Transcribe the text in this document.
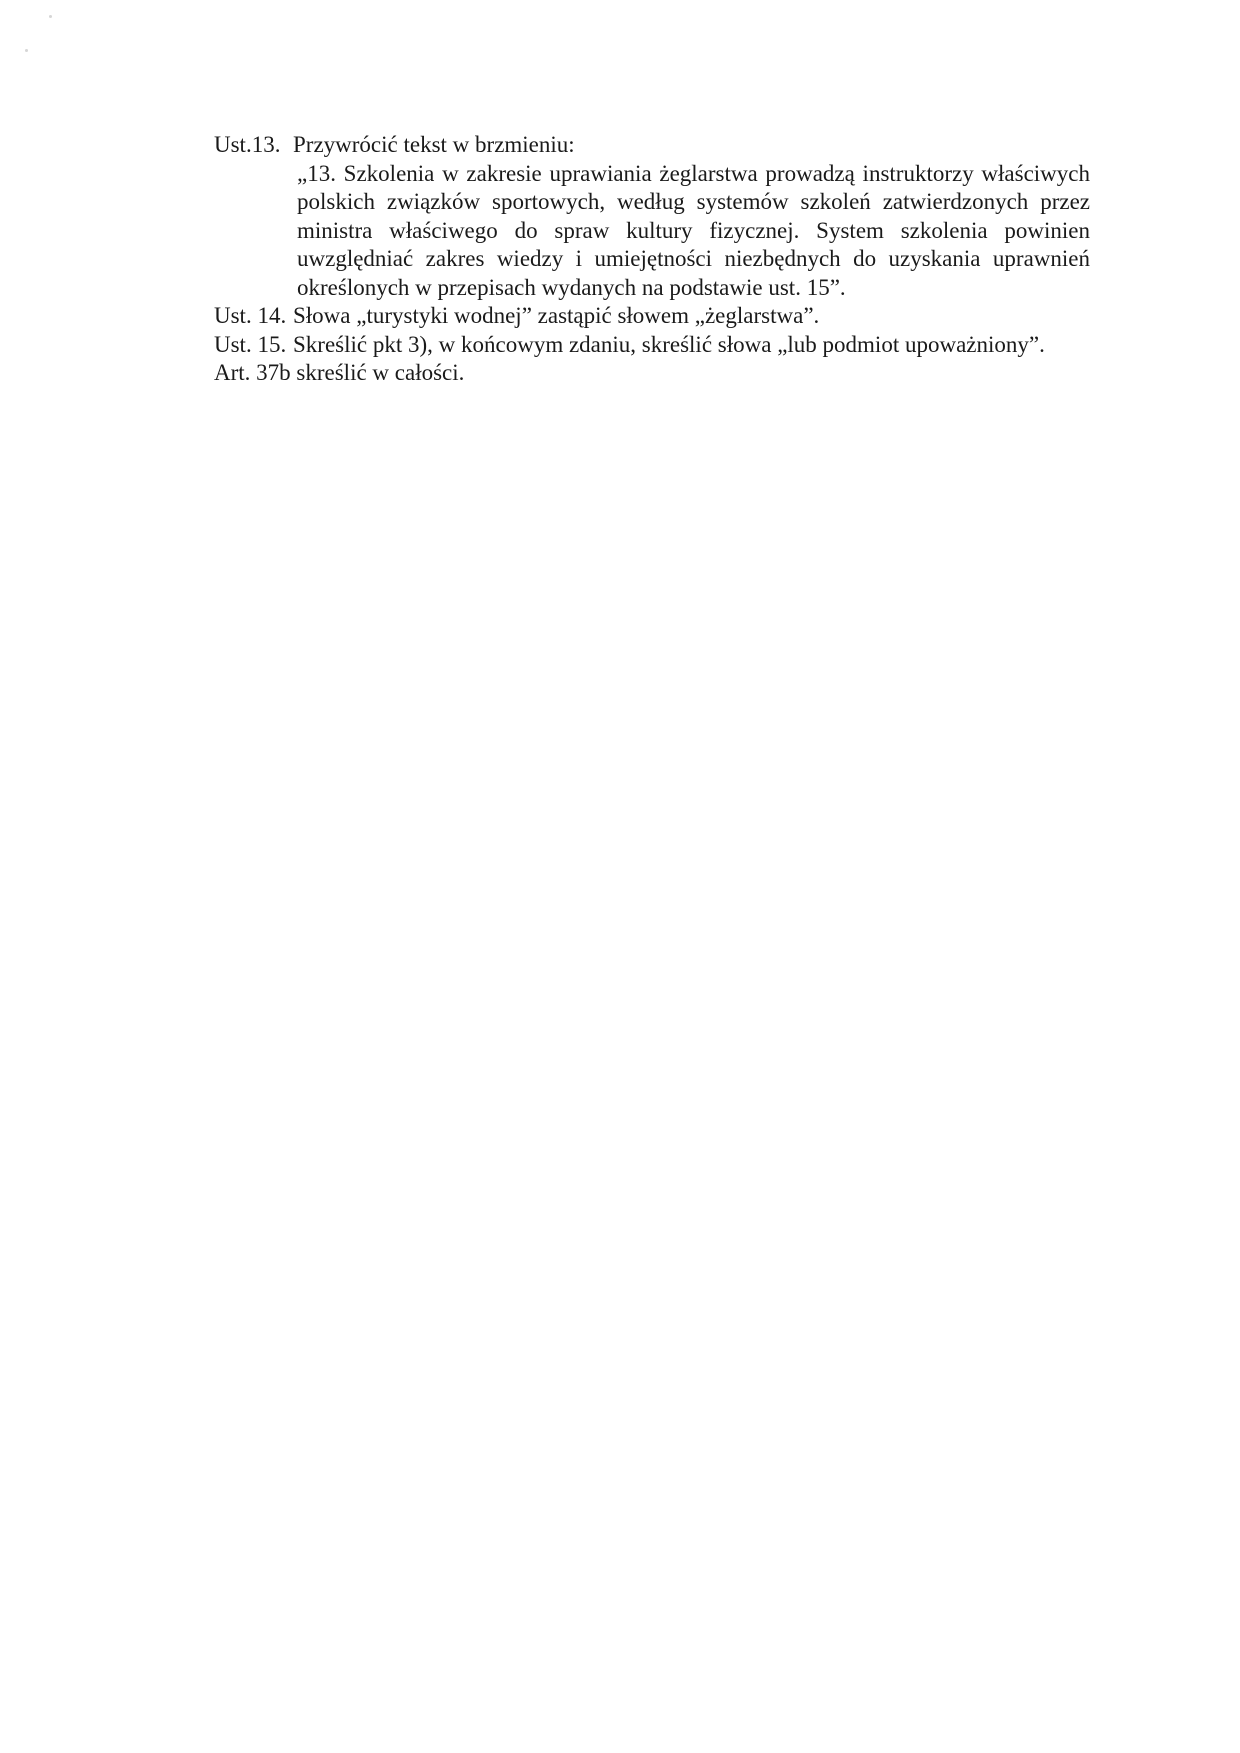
Ust.13. Przywrócić tekst w brzmieniu:
„13. Szkolenia w zakresie uprawiania żeglarstwa prowadzą instruktorzy właściwych polskich związków sportowych, według systemów szkoleń zatwierdzonych przez ministra właściwego do spraw kultury fizycznej. System szkolenia powinien uwzględniać zakres wiedzy i umiejętności niezbędnych do uzyskania uprawnień określonych w przepisach wydanych na podstawie ust. 15”.
Ust. 14. Słowa „turystyki wodnej” zastąpić słowem „żeglarstwa”.
Ust. 15. Skreślić pkt 3), w końcowym zdaniu, skreślić słowa „lub podmiot upoważniony”.
Art. 37b skreślić w całości.
